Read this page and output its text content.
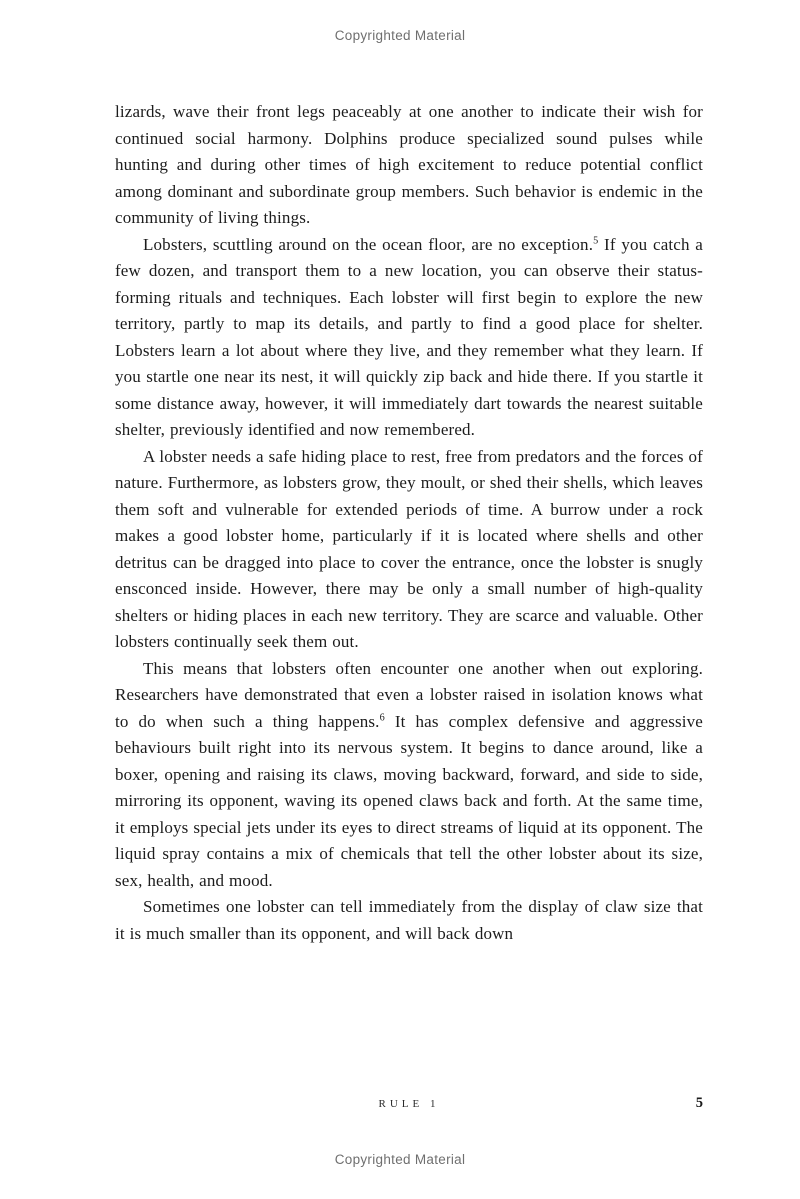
Copyrighted Material

lizards, wave their front legs peaceably at one another to indicate their wish for continued social harmony. Dolphins produce specialized sound pulses while hunting and during other times of high excitement to reduce potential conflict among dominant and subordinate group members. Such behavior is endemic in the community of living things.

Lobsters, scuttling around on the ocean floor, are no exception.$^5$ If you catch a few dozen, and transport them to a new location, you can observe their status-forming rituals and techniques. Each lobster will first begin to explore the new territory, partly to map its details, and partly to find a good place for shelter. Lobsters learn a lot about where they live, and they remember what they learn. If you startle one near its nest, it will quickly zip back and hide there. If you startle it some distance away, however, it will immediately dart towards the nearest suitable shelter, previously identified and now remembered.

A lobster needs a safe hiding place to rest, free from predators and the forces of nature. Furthermore, as lobsters grow, they moult, or shed their shells, which leaves them soft and vulnerable for extended periods of time. A burrow under a rock makes a good lobster home, particularly if it is located where shells and other detritus can be dragged into place to cover the entrance, once the lobster is snugly ensconced inside. However, there may be only a small number of high-quality shelters or hiding places in each new territory. They are scarce and valuable. Other lobsters continually seek them out.

This means that lobsters often encounter one another when out exploring. Researchers have demonstrated that even a lobster raised in isolation knows what to do when such a thing happens.$^6$ It has complex defensive and aggressive behaviours built right into its nervous system. It begins to dance around, like a boxer, opening and raising its claws, moving backward, forward, and side to side, mirroring its opponent, waving its opened claws back and forth. At the same time, it employs special jets under its eyes to direct streams of liquid at its opponent. The liquid spray contains a mix of chemicals that tell the other lobster about its size, sex, health, and mood.

Sometimes one lobster can tell immediately from the display of claw size that it is much smaller than its opponent, and will back down

RULE 1	5
Copyrighted Material
